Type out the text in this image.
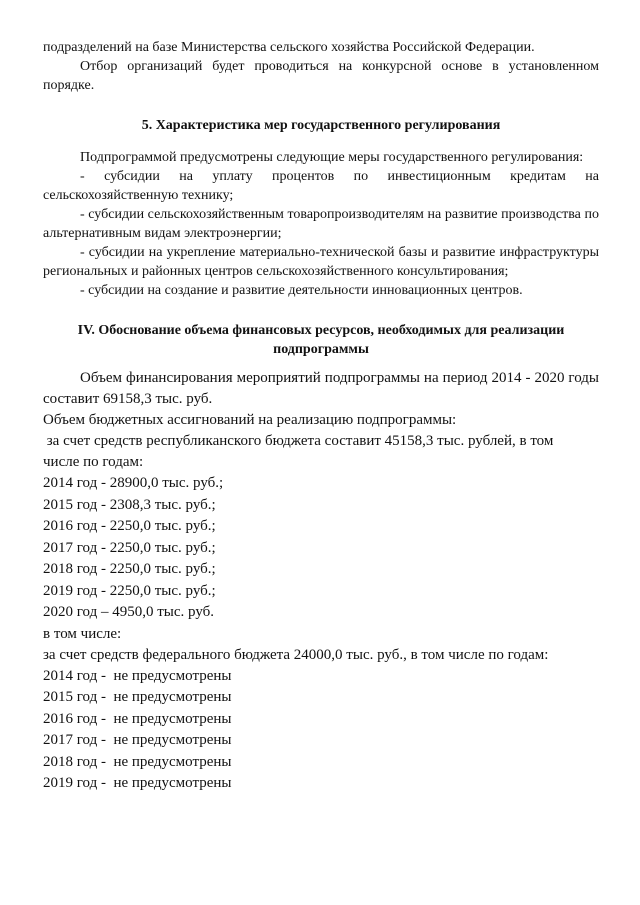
подразделений на базе Министерства сельского хозяйства Российской Федерации.

Отбор организаций будет проводиться на конкурсной основе в установленном порядке.

5. Характеристика мер государственного регулирования

Подпрограммой предусмотрены следующие меры государственного регулирования:

- субсидии на уплату процентов по инвестиционным кредитам на сельскохозяйственную технику;

- субсидии сельскохозяйственным товаропроизводителям на развитие производства по альтернативным видам электроэнергии;

- субсидии на укрепление материально-технической базы и развитие инфраструктуры региональных и районных центров сельскохозяйственного консультирования;

- субсидии на создание и развитие деятельности инновационных центров.

IV. Обоснование объема финансовых ресурсов, необходимых для реализации

подпрограммы

Объем финансирования мероприятий подпрограммы на период 2014 - 2020 годы составит 69158,3 тыс. руб.

Объем бюджетных ассигнований на реализацию подпрограммы:

за счет средств республиканского бюджета составит 45158,3 тыс. рублей, в том

числе по годам:

2014 год - 28900,0 тыс. руб.;
2015 год - 2308,3 тыс. руб.;
2016 год - 2250,0 тыс. руб.;
2017 год - 2250,0 тыс. руб.;
2018 год - 2250,0 тыс. руб.;
2019 год - 2250,0 тыс. руб.;
2020 год – 4950,0 тыс. руб.

в том числе:

за счет средств федерального бюджета 24000,0 тыс. руб., в том числе по годам:

2014 год -  не предусмотрены
2015 год -  не предусмотрены
2016 год -  не предусмотрены
2017 год -  не предусмотрены
2018 год -  не предусмотрены
2019 год -  не предусмотрены
